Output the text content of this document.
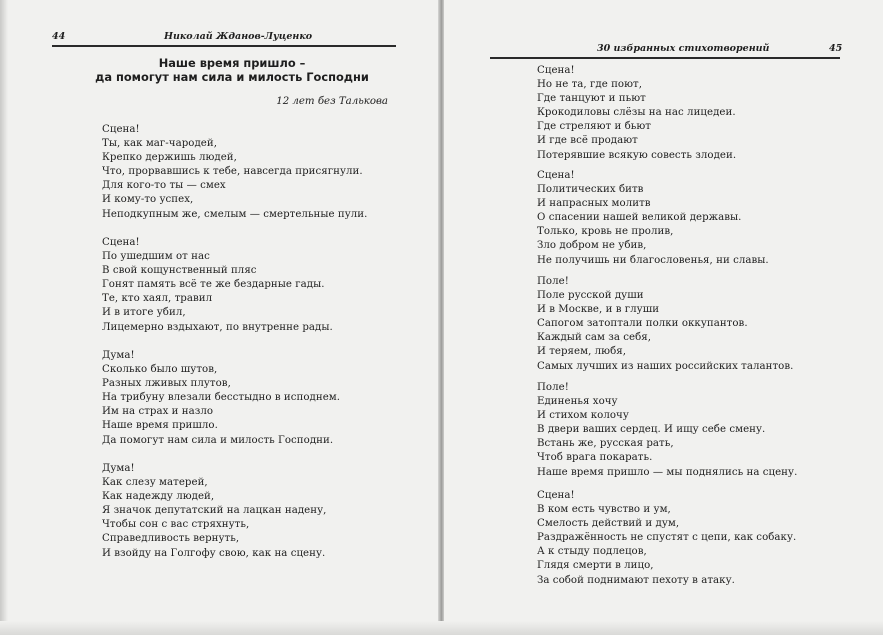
44	Николай Жданов-Луценко
Наше время пришло –
да помогут нам сила и милость Господни
12 лет без Талькова
Сцена!
Ты, как маг-чародей,
Крепко держишь людей,
Что, прорвавшись к тебе, навсегда присягнули.
Для кого-то ты — смех
И кому-то успех,
Неподкупным же, смелым — смертельные пули.
Сцена!
По ушедшим от нас
В свой кощунственный пляс
Гонят память всё те же бездарные гады.
Те, кто хаял, травил
И в итоге убил,
Лицемерно вздыхают, по внутренне рады.
Дума!
Сколько было шутов,
Разных лживых плутов,
На трибуну влезали бесстыдно в исподнем.
Им на страх и назло
Наше время пришло.
Да помогут нам сила и милость Господни.
Дума!
Как слезу матерей,
Как надежду людей,
Я значок депутатский на лацкан надену,
Чтобы сон с вас стряхнуть,
Справедливость вернуть,
И взойду на Голгофу свою, как на сцену.
30 избранных стихотворений	45
Сцена!
Но не та, где поют,
Где танцуют и пьют
Крокодиловы слёзы на нас лицедеи.
Где стреляют и бьют
И где всё продают
Потерявшие всякую совесть злодеи.
Сцена!
Политических битв
И напрасных молитв
О спасении нашей великой державы.
Только, кровь не пролив,
Зло добром не убив,
Не получишь ни благословенья, ни славы.
Поле!
Поле русской души
И в Москве, и в глуши
Сапогом затоптали полки оккупантов.
Каждый сам за себя,
И теряем, любя,
Самых лучших из наших российских талантов.
Поле!
Единенья хочу
И стихом колочу
В двери ваших сердец. И ищу себе смену.
Встань же, русская рать,
Чтоб врага покарать.
Наше время пришло — мы поднялись на сцену.
Сцена!
В ком есть чувство и ум,
Смелость действий и дум,
Раздражённость не спустят с цепи, как собаку.
А к стыду подлецов,
Глядя смерти в лицо,
За собой поднимают пехоту в атаку.
